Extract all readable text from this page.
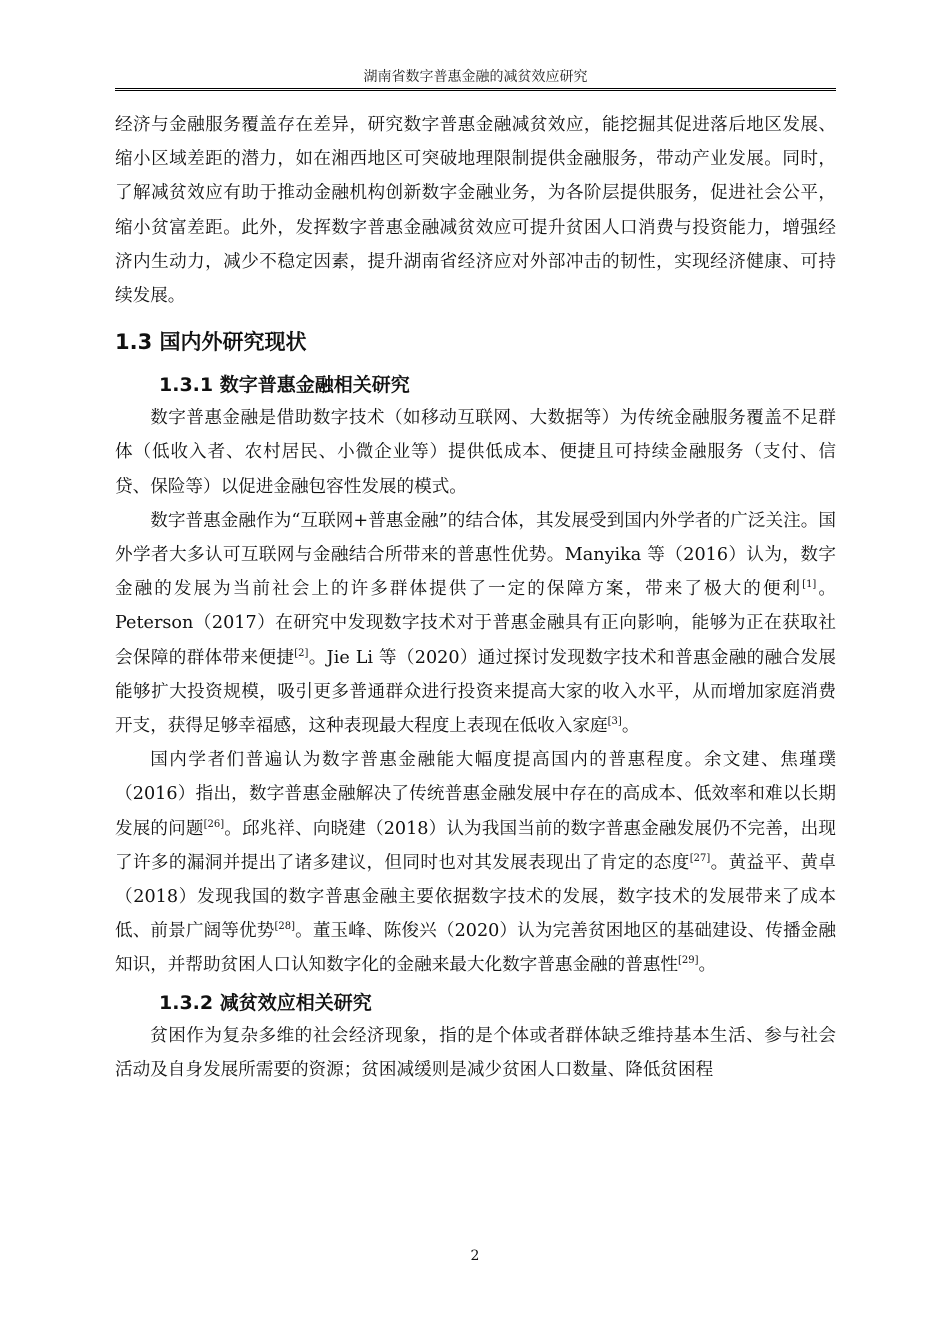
湖南省数字普惠金融的减贫效应研究

经济与金融服务覆盖存在差异，研究数字普惠金融减贫效应，能挖掘其促进落后地区发展、缩小区域差距的潜力，如在湘西地区可突破地理限制提供金融服务，带动产业发展。同时，了解减贫效应有助于推动金融机构创新数字金融业务，为各阶层提供服务，促进社会公平，缩小贫富差距。此外，发挥数字普惠金融减贫效应可提升贫困人口消费与投资能力，增强经济内生动力，减少不稳定因素，提升湖南省经济应对外部冲击的韧性，实现经济健康、可持续发展。

1.3 国内外研究现状
1.3.1 数字普惠金融相关研究

数字普惠金融是借助数字技术（如移动互联网、大数据等）为传统金融服务覆盖不足群体（低收入者、农村居民、小微企业等）提供低成本、便捷且可持续金融服务（支付、信贷、保险等）以促进金融包容性发展的模式。

数字普惠金融作为“互联网+普惠金融”的结合体，其发展受到国内外学者的广泛关注。国外学者大多认可互联网与金融结合所带来的普惠性优势。Manyika 等（2016）认为，数字金融的发展为当前社会上的许多群体提供了一定的保障方案，带来了极大的便利[1]。Peterson（2017）在研究中发现数字技术对于普惠金融具有正向影响，能够为正在获取社会保障的群体带来便捷[2]。Jie Li 等（2020）通过探讨发现数字技术和普惠金融的融合发展能够扩大投资规模，吸引更多普通群众进行投资来提高大家的收入水平，从而增加家庭消费开支，获得足够幸福感，这种表现最大程度上表现在低收入家庭[3]。

国内学者们普遍认为数字普惠金融能大幅度提高国内的普惠程度。余文建、焦瑾璞（2016）指出，数字普惠金融解决了传统普惠金融发展中存在的高成本、低效率和难以长期发展的问题[26]。邱兆祥、向晓建（2018）认为我国当前的数字普惠金融发展仍不完善，出现了许多的漏洞并提出了诸多建议，但同时也对其发展表现出了肯定的态度[27]。黄益平、黄卓（2018）发现我国的数字普惠金融主要依据数字技术的发展，数字技术的发展带来了成本低、前景广阔等优势[28]。董玉峰、陈俊兴（2020）认为完善贫困地区的基础建设、传播金融知识，并帮助贫困人口认知数字化的金融来最大化数字普惠金融的普惠性[29]。

1.3.2 减贫效应相关研究

贫困作为复杂多维的社会经济现象，指的是个体或者群体缺乏维持基本生活、参与社会活动及自身发展所需要的资源；贫困减缓则是减少贫困人口数量、降低贫困程

2
